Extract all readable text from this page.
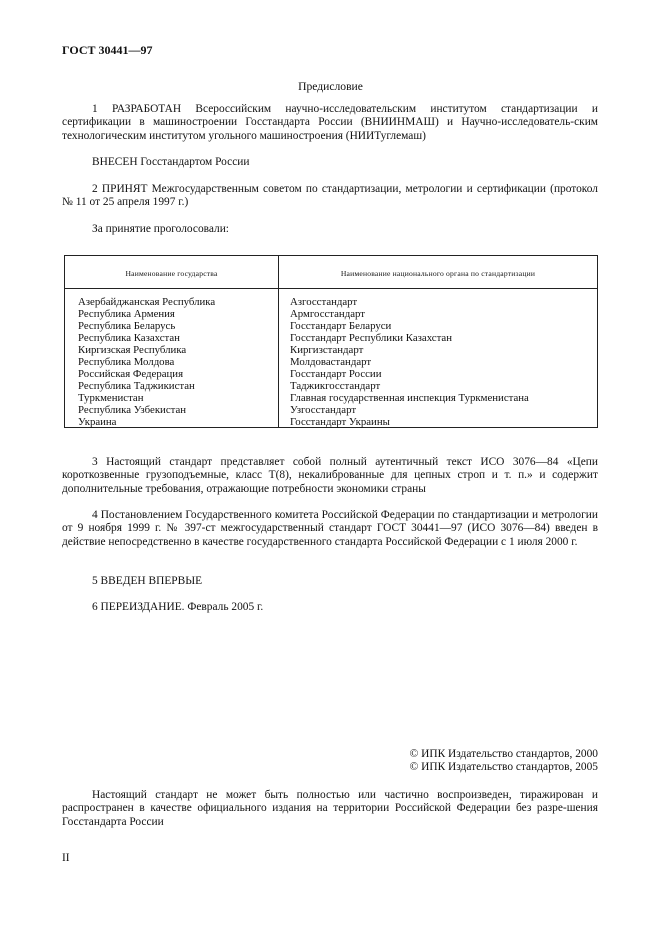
ГОСТ 30441—97
Предисловие
1 РАЗРАБОТАН Всероссийским научно-исследовательским институтом стандартизации и сертификации в машиностроении Госстандарта России (ВНИИНМАШ) и Научно-исследователь-ским технологическим институтом угольного машиностроения (НИИТуглемаш)
ВНЕСЕН Госстандартом России
2 ПРИНЯТ Межгосударственным советом по стандартизации, метрологии и сертификации (протокол № 11 от 25 апреля 1997 г.)
За принятие проголосовали:
Наименование государства	Наименование национального органа по стандартизации
Азербайджанская Республика
Республика Армения
Республика Беларусь
Республика Казахстан
Киргизская Республика
Республика Молдова
Российская Федерация
Республика Таджикистан
Туркменистан
Республика Узбекистан
Украина
Азгосстандарт
Армгосстандарт
Госстандарт Беларуси
Госстандарт Республики Казахстан
Киргизстандарт
Молдовастандарт
Госстандарт России
Таджикгосстандарт
Главная государственная инспекция Туркменистана
Узгосстандарт
Госстандарт Украины
3 Настоящий стандарт представляет собой полный аутентичный текст ИСО 3076—84 «Цепи короткозвенные грузоподъемные, класс Т(8), некалиброванные для цепных строп и т. п.» и содержит дополнительные требования, отражающие потребности экономики страны
4 Постановлением Государственного комитета Российской Федерации по стандартизации и метрологии от 9 ноября 1999 г. № 397-ст межгосударственный стандарт ГОСТ 30441—97 (ИСО 3076—84) введен в действие непосредственно в качестве государственного стандарта Российской Федерации с 1 июля 2000 г.
5 ВВЕДЕН ВПЕРВЫЕ
6 ПЕРЕИЗДАНИЕ. Февраль 2005 г.
© ИПК Издательство стандартов, 2000
© ИПК Издательство стандартов, 2005
Настоящий стандарт не может быть полностью или частично воспроизведен, тиражирован и распространен в качестве официального издания на территории Российской Федерации без разре-шения Госстандарта России
II
